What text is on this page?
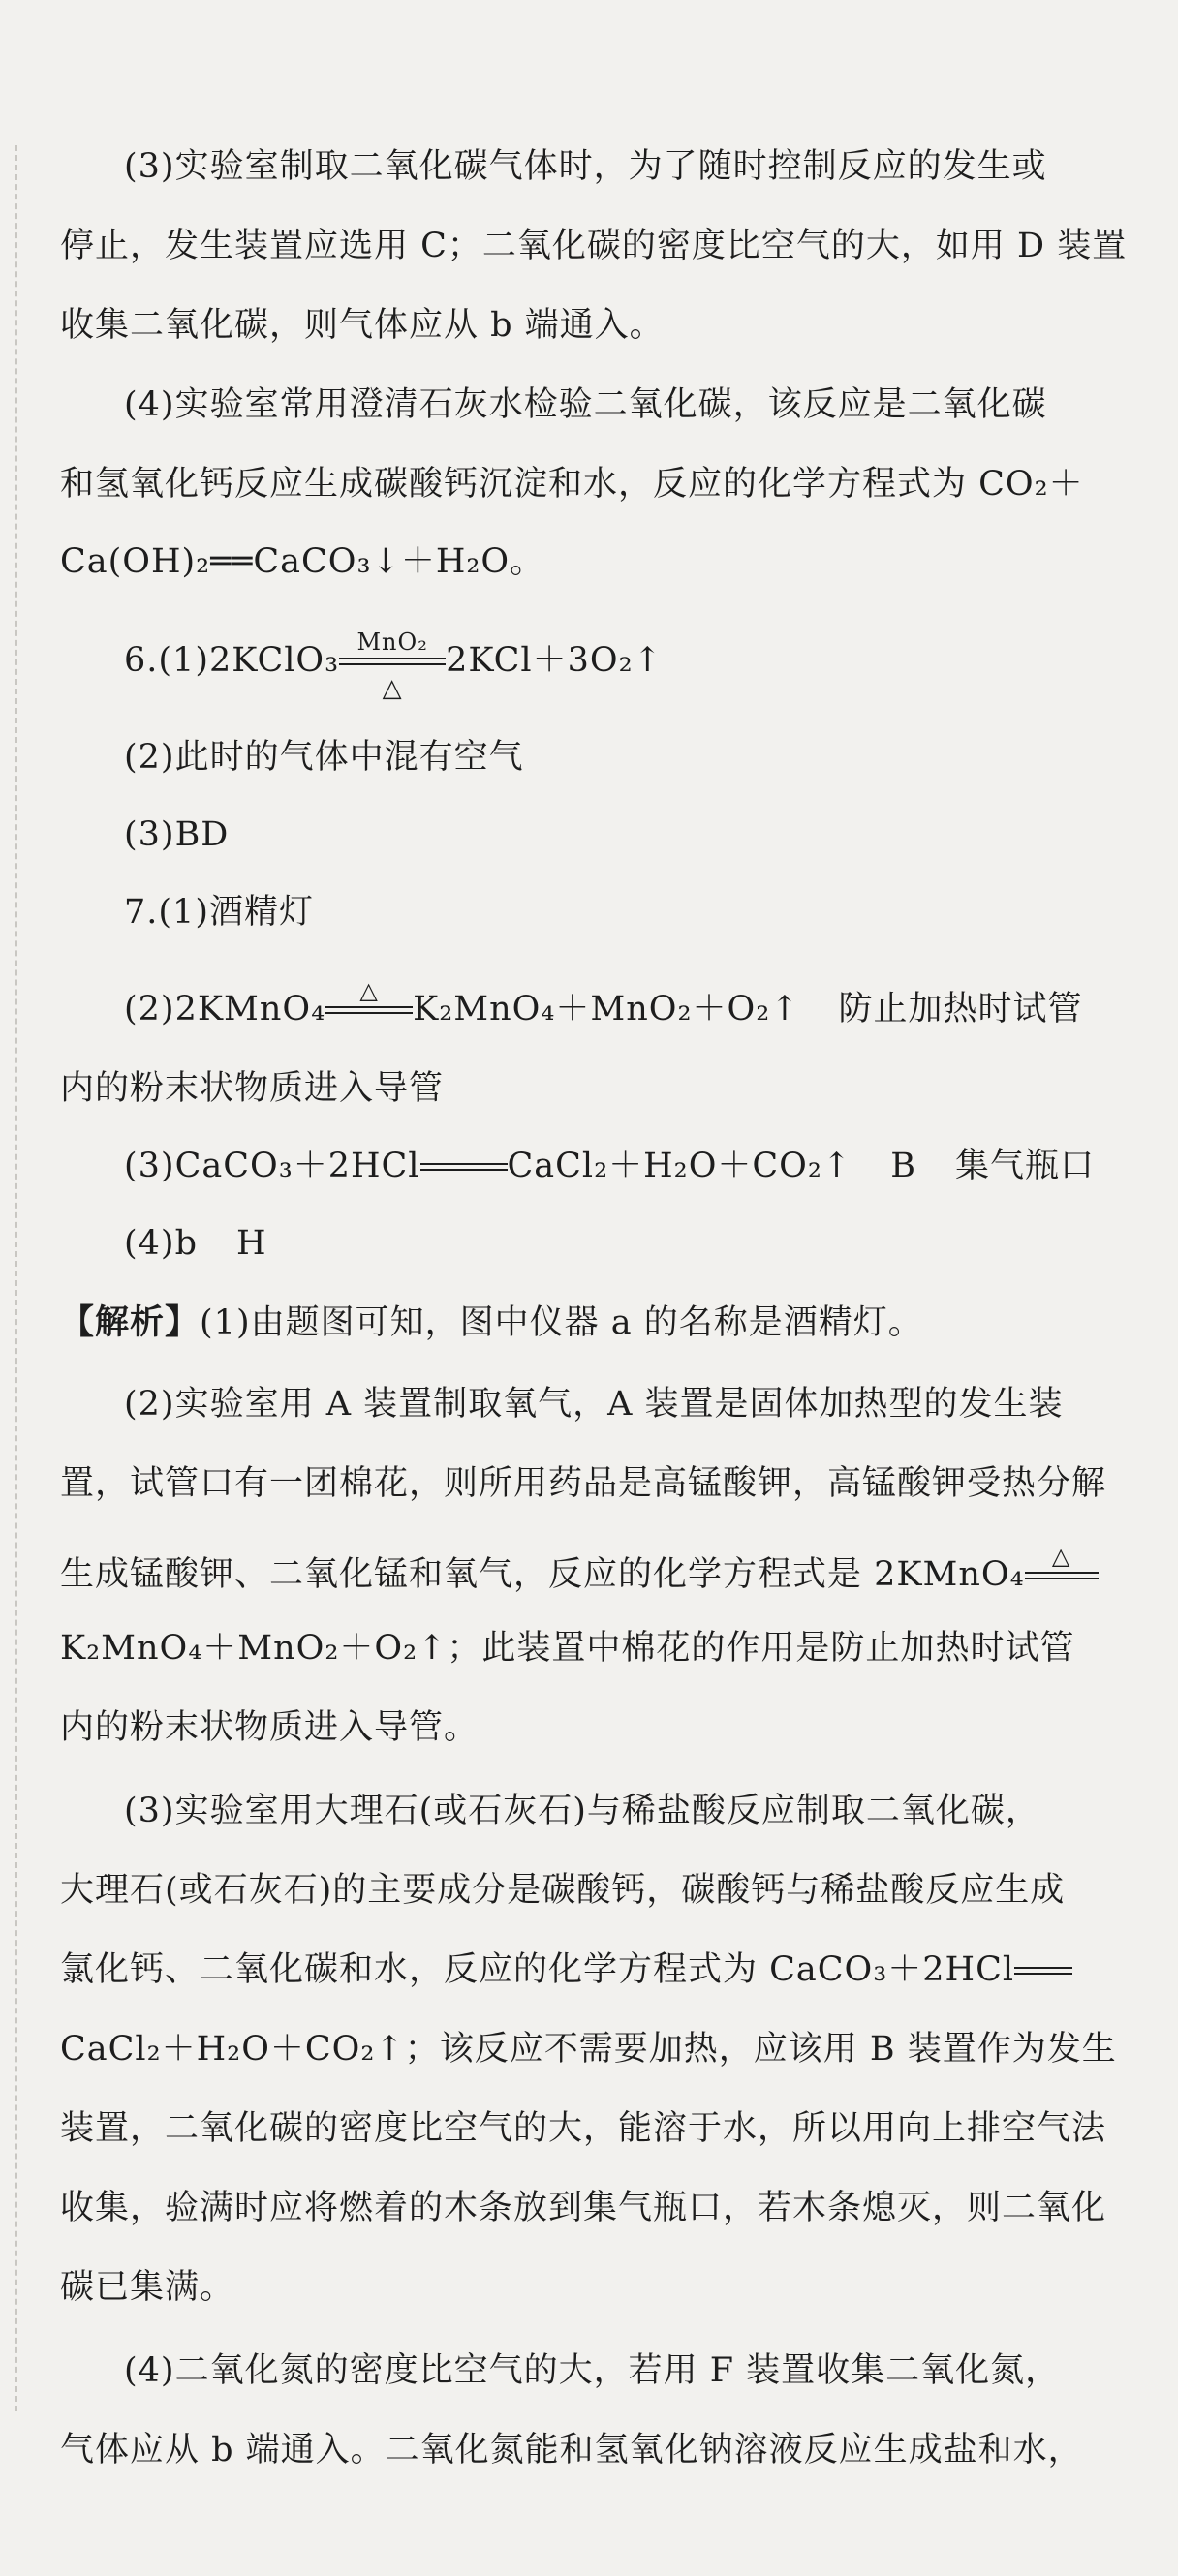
(3)实验室制取二氧化碳气体时，为了随时控制反应的发生或
停止，发生装置应选用 C；二氧化碳的密度比空气的大，如用 D 装置
收集二氧化碳，则气体应从 b 端通入。
(4)实验室常用澄清石灰水检验二氧化碳，该反应是二氧化碳
和氢氧化钙反应生成碳酸钙沉淀和水，反应的化学方程式为 CO₂＋
Ca(OH)₂══CaCO₃↓＋H₂O。
6.(1)2KClO₃ MnO₂
△
2KCl＋3O₂↑
(2)此时的气体中混有空气
(3)BD
7.(1)酒精灯
(2)2KMnO₄	△	K₂MnO₄＋MnO₂＋O₂↑ 防止加热时试管
内的粉末状物质进入导管
(3)CaCO₃＋2HCl	CaCl₂＋H₂O＋CO₂↑ B 集气瓶口
(4)b H
【解析】(1)由题图可知，图中仪器 a 的名称是酒精灯。
(2)实验室用 A 装置制取氧气，A 装置是固体加热型的发生装
置，试管口有一团棉花，则所用药品是高锰酸钾，高锰酸钾受热分解
生成锰酸钾、二氧化锰和氧气，反应的化学方程式是 2KMnO₄	△
K₂MnO₄＋MnO₂＋O₂↑；此装置中棉花的作用是防止加热时试管
内的粉末状物质进入导管。
(3)实验室用大理石(或石灰石)与稀盐酸反应制取二氧化碳，
大理石(或石灰石)的主要成分是碳酸钙，碳酸钙与稀盐酸反应生成
氯化钙、二氧化碳和水，反应的化学方程式为 CaCO₃＋2HCl
CaCl₂＋H₂O＋CO₂↑；该反应不需要加热，应该用 B 装置作为发生
装置，二氧化碳的密度比空气的大，能溶于水，所以用向上排空气法
收集，验满时应将燃着的木条放到集气瓶口，若木条熄灭，则二氧化
碳已集满。
(4)二氧化氮的密度比空气的大，若用 F 装置收集二氧化氮，
气体应从 b 端通入。二氧化氮能和氢氧化钠溶液反应生成盐和水，
